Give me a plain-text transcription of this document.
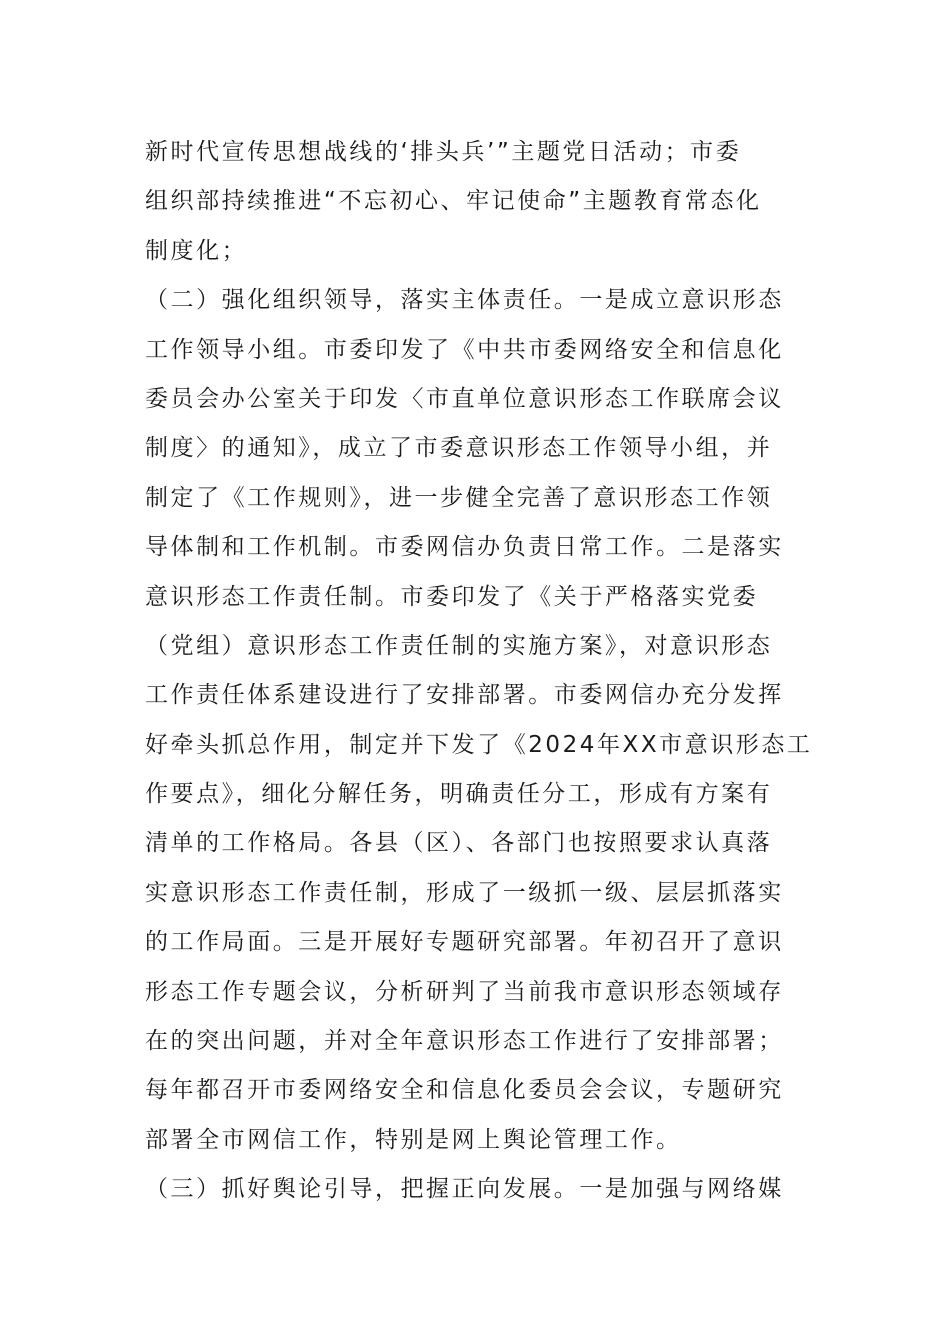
新时代宣传思想战线的‘排头兵’”主题党日活动；市委
组织部持续推进“不忘初心、牢记使命”主题教育常态化
制度化；
（二）强化组织领导，落实主体责任。一是成立意识形态
工作领导小组。市委印发了《中共市委网络安全和信息化
委员会办公室关于印发〈市直单位意识形态工作联席会议
制度〉的通知》，成立了市委意识形态工作领导小组，并
制定了《工作规则》，进一步健全完善了意识形态工作领
导体制和工作机制。市委网信办负责日常工作。二是落实
意识形态工作责任制。市委印发了《关于严格落实党委
（党组）意识形态工作责任制的实施方案》，对意识形态
工作责任体系建设进行了安排部署。市委网信办充分发挥
好牵头抓总作用，制定并下发了《2024年XX市意识形态工
作要点》，细化分解任务，明确责任分工，形成有方案有
清单的工作格局。各县（区）、各部门也按照要求认真落
实意识形态工作责任制，形成了一级抓一级、层层抓落实
的工作局面。三是开展好专题研究部署。年初召开了意识
形态工作专题会议，分析研判了当前我市意识形态领域存
在的突出问题，并对全年意识形态工作进行了安排部署；
每年都召开市委网络安全和信息化委员会会议，专题研究
部署全市网信工作，特别是网上舆论管理工作。
（三）抓好舆论引导，把握正向发展。一是加强与网络媒
